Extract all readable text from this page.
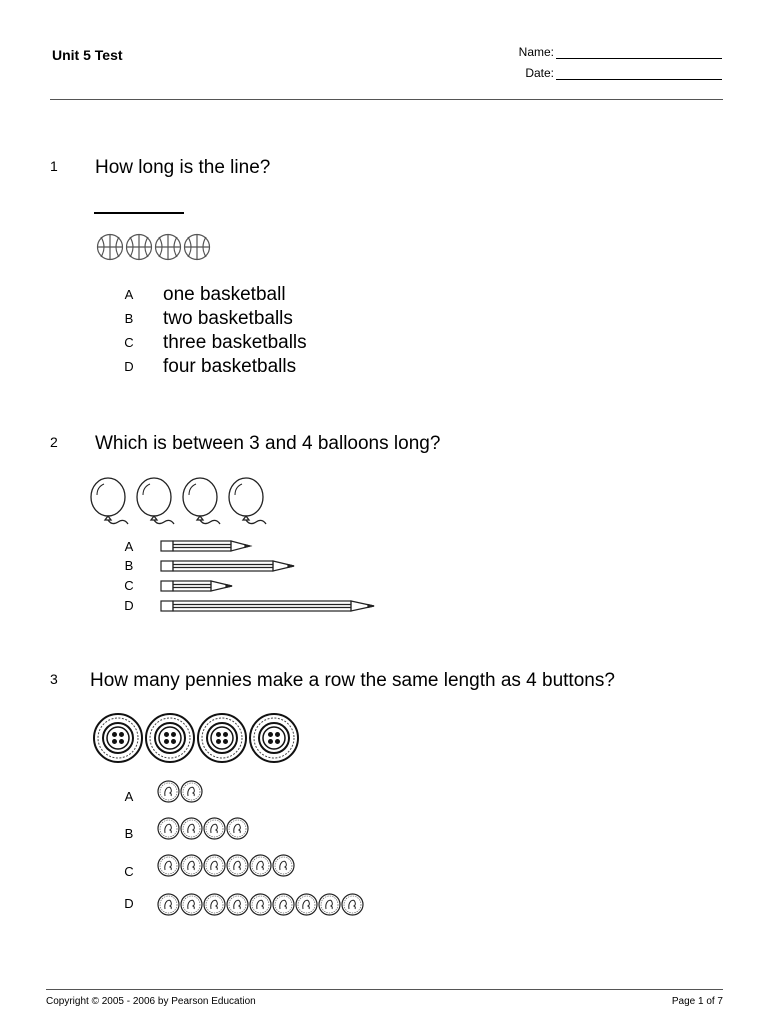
Unit 5 Test	Name:
Date:
1 How long is the line?
A one basketball
B two basketballs
C three basketballs
D four basketballs
2 Which is between 3 and 4 balloons long?
A
B
C
D
3 How many pennies make a row the same length as 4 buttons?
A
B
C
D
Copyright © 2005 - 2006 by Pearson Education	Page 1 of 7
